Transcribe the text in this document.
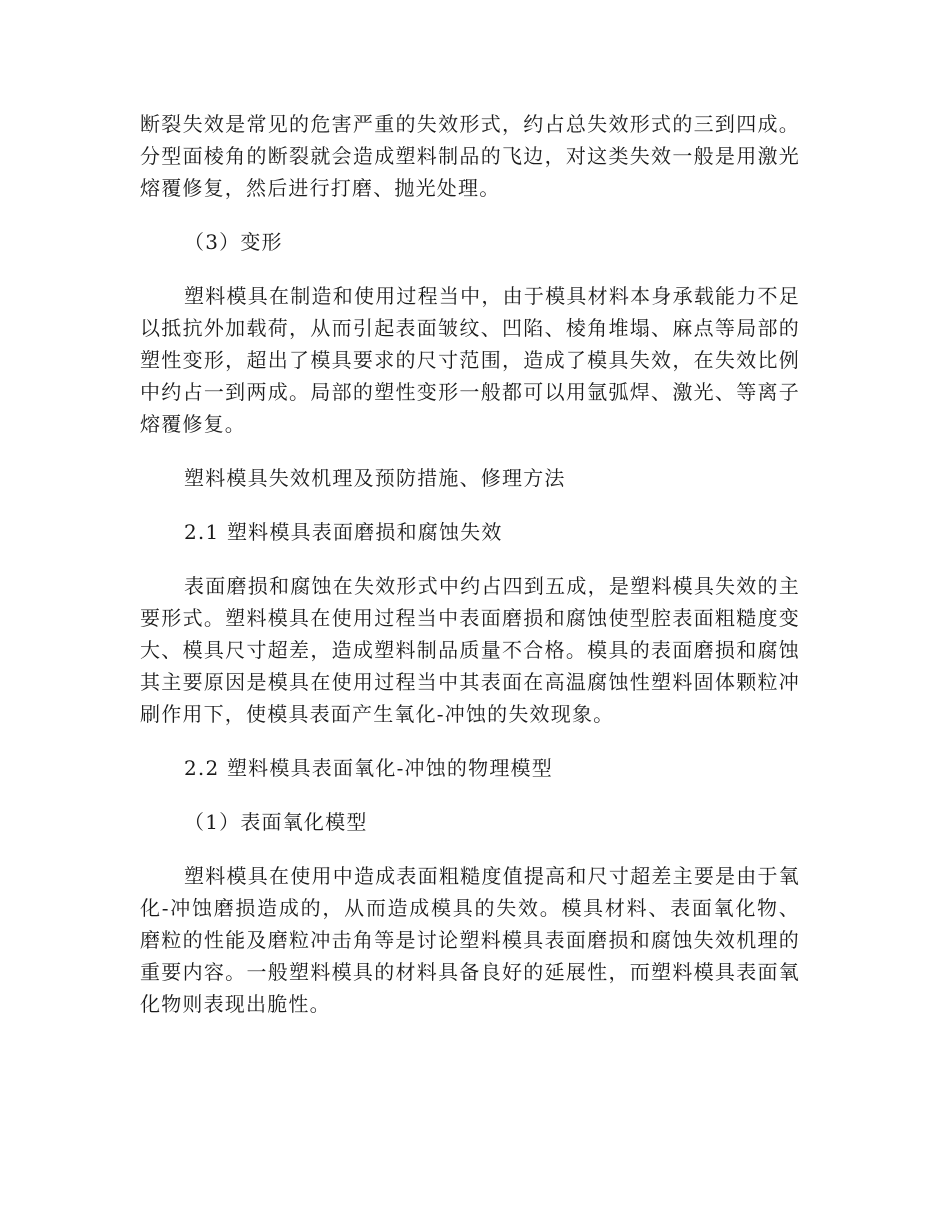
断裂失效是常见的危害严重的失效形式，约占总失效形式的三到四成。分型面棱角的断裂就会造成塑料制品的飞边，对这类失效一般是用激光熔覆修复，然后进行打磨、抛光处理。

（3）变形

塑料模具在制造和使用过程当中，由于模具材料本身承载能力不足以抵抗外加载荷，从而引起表面皱纹、凹陷、棱角堆塌、麻点等局部的塑性变形，超出了模具要求的尺寸范围，造成了模具失效，在失效比例中约占一到两成。局部的塑性变形一般都可以用氩弧焊、激光、等离子熔覆修复。

塑料模具失效机理及预防措施、修理方法

2.1 塑料模具表面磨损和腐蚀失效

表面磨损和腐蚀在失效形式中约占四到五成，是塑料模具失效的主要形式。塑料模具在使用过程当中表面磨损和腐蚀使型腔表面粗糙度变大、模具尺寸超差，造成塑料制品质量不合格。模具的表面磨损和腐蚀其主要原因是模具在使用过程当中其表面在高温腐蚀性塑料固体颗粒冲刷作用下，使模具表面产生氧化-冲蚀的失效现象。

2.2 塑料模具表面氧化-冲蚀的物理模型

（1）表面氧化模型

塑料模具在使用中造成表面粗糙度值提高和尺寸超差主要是由于氧化-冲蚀磨损造成的，从而造成模具的失效。模具材料、表面氧化物、磨粒的性能及磨粒冲击角等是讨论塑料模具表面磨损和腐蚀失效机理的重要内容。一般塑料模具的材料具备良好的延展性，而塑料模具表面氧化物则表现出脆性。
